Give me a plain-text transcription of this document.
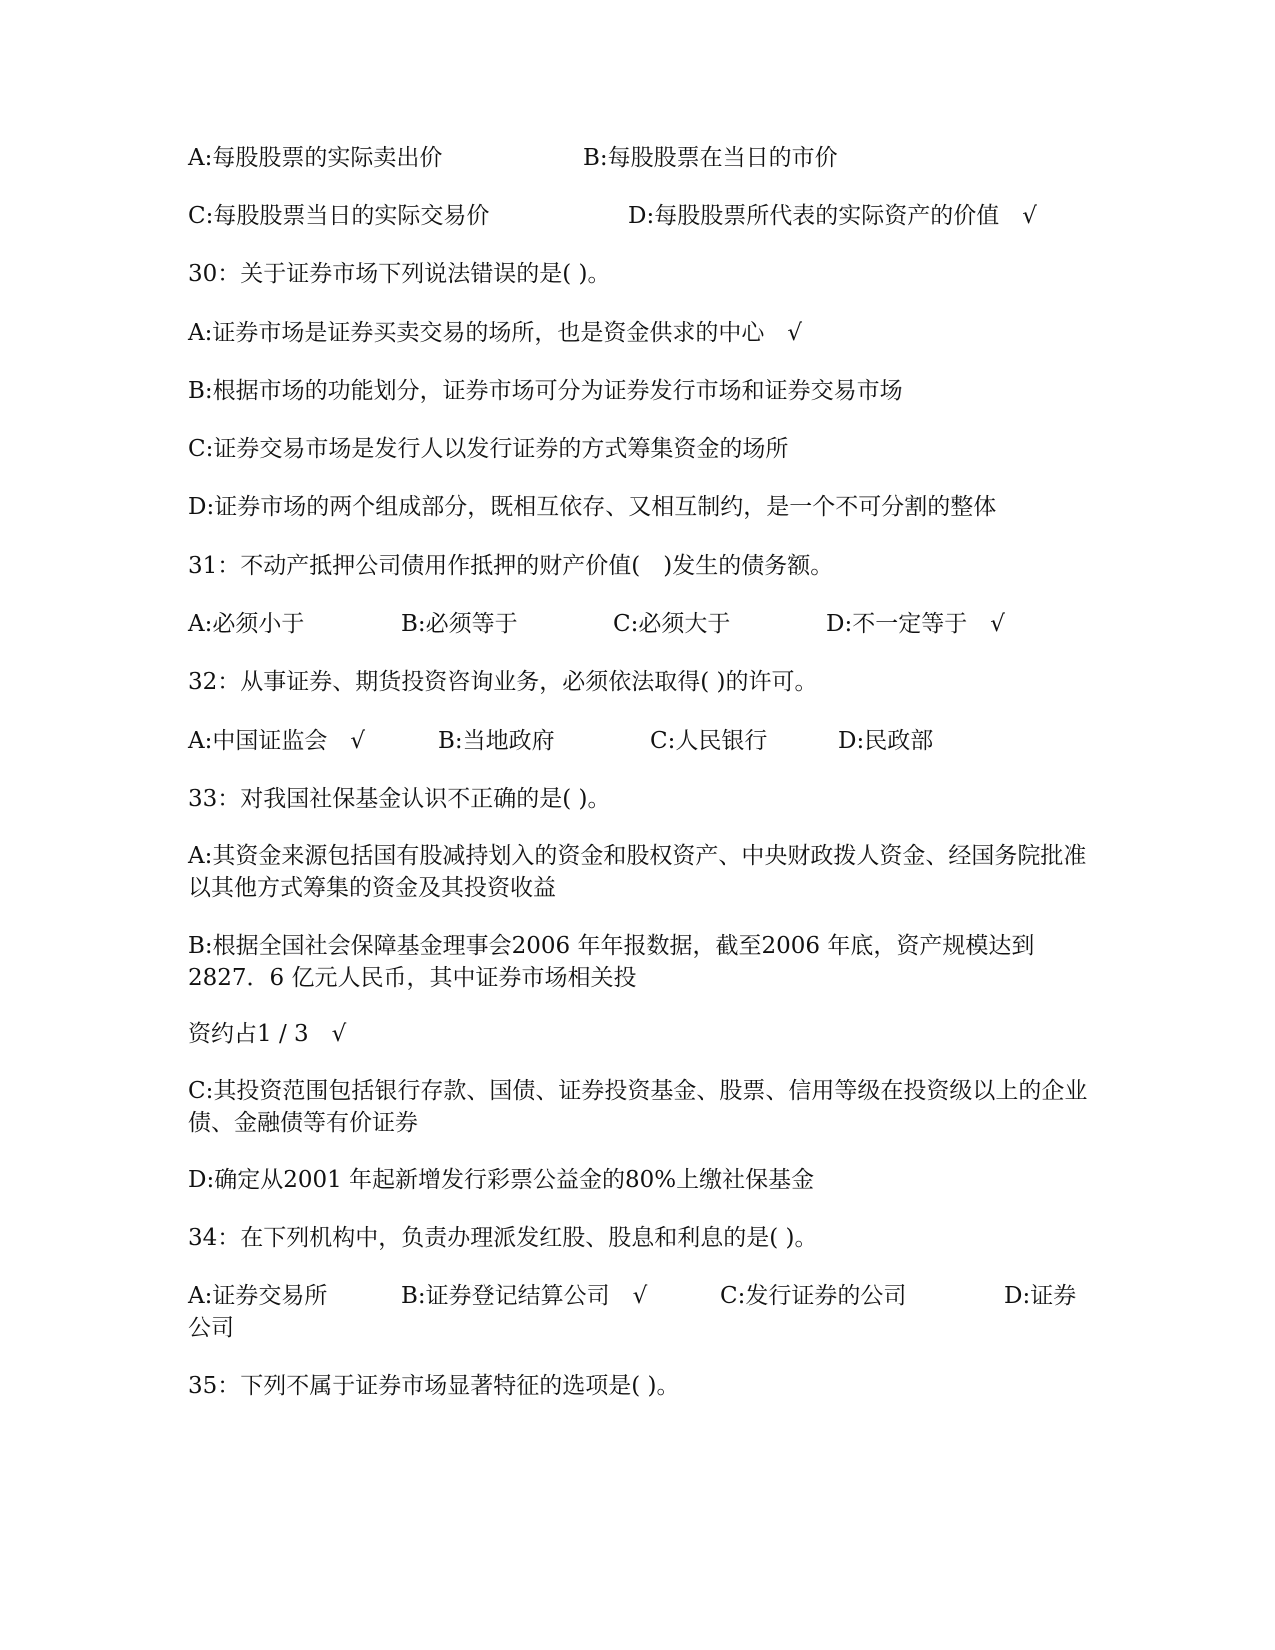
A:每股股票的实际卖出价	B:每股股票在当日的市价
C:每股股票当日的实际交易价	D:每股股票所代表的实际资产的价值　√
30：关于证券市场下列说法错误的是( )。
A:证券市场是证券买卖交易的场所，也是资金供求的中心　√
B:根据市场的功能划分，证券市场可分为证券发行市场和证券交易市场
C:证券交易市场是发行人以发行证券的方式筹集资金的场所
D:证券市场的两个组成部分，既相互依存、又相互制约，是一个不可分割的整体
31：不动产抵押公司债用作抵押的财产价值(　)发生的债务额。
A:必须小于	B:必须等于	C:必须大于	D:不一定等于　√
32：从事证券、期货投资咨询业务，必须依法取得( )的许可。
A:中国证监会　√	B:当地政府	C:人民银行	D:民政部
33：对我国社保基金认识不正确的是( )。
A:其资金来源包括国有股减持划入的资金和股权资产、中央财政拨人资金、经国务院批准以其他方式筹集的资金及其投资收益
B:根据全国社会保障基金理事会2006 年年报数据，截至2006 年底，资产规模达到2827．6 亿元人民币，其中证券市场相关投
资约占1 / 3　√
C:其投资范围包括银行存款、国债、证券投资基金、股票、信用等级在投资级以上的企业债、金融债等有价证券
D:确定从2001 年起新增发行彩票公益金的80%上缴社保基金
34：在下列机构中，负责办理派发红股、股息和利息的是( )。
A:证券交易所	B:证券登记结算公司　√	C:发行证券的公司	D:证券公司
35：下列不属于证券市场显著特征的选项是( )。
